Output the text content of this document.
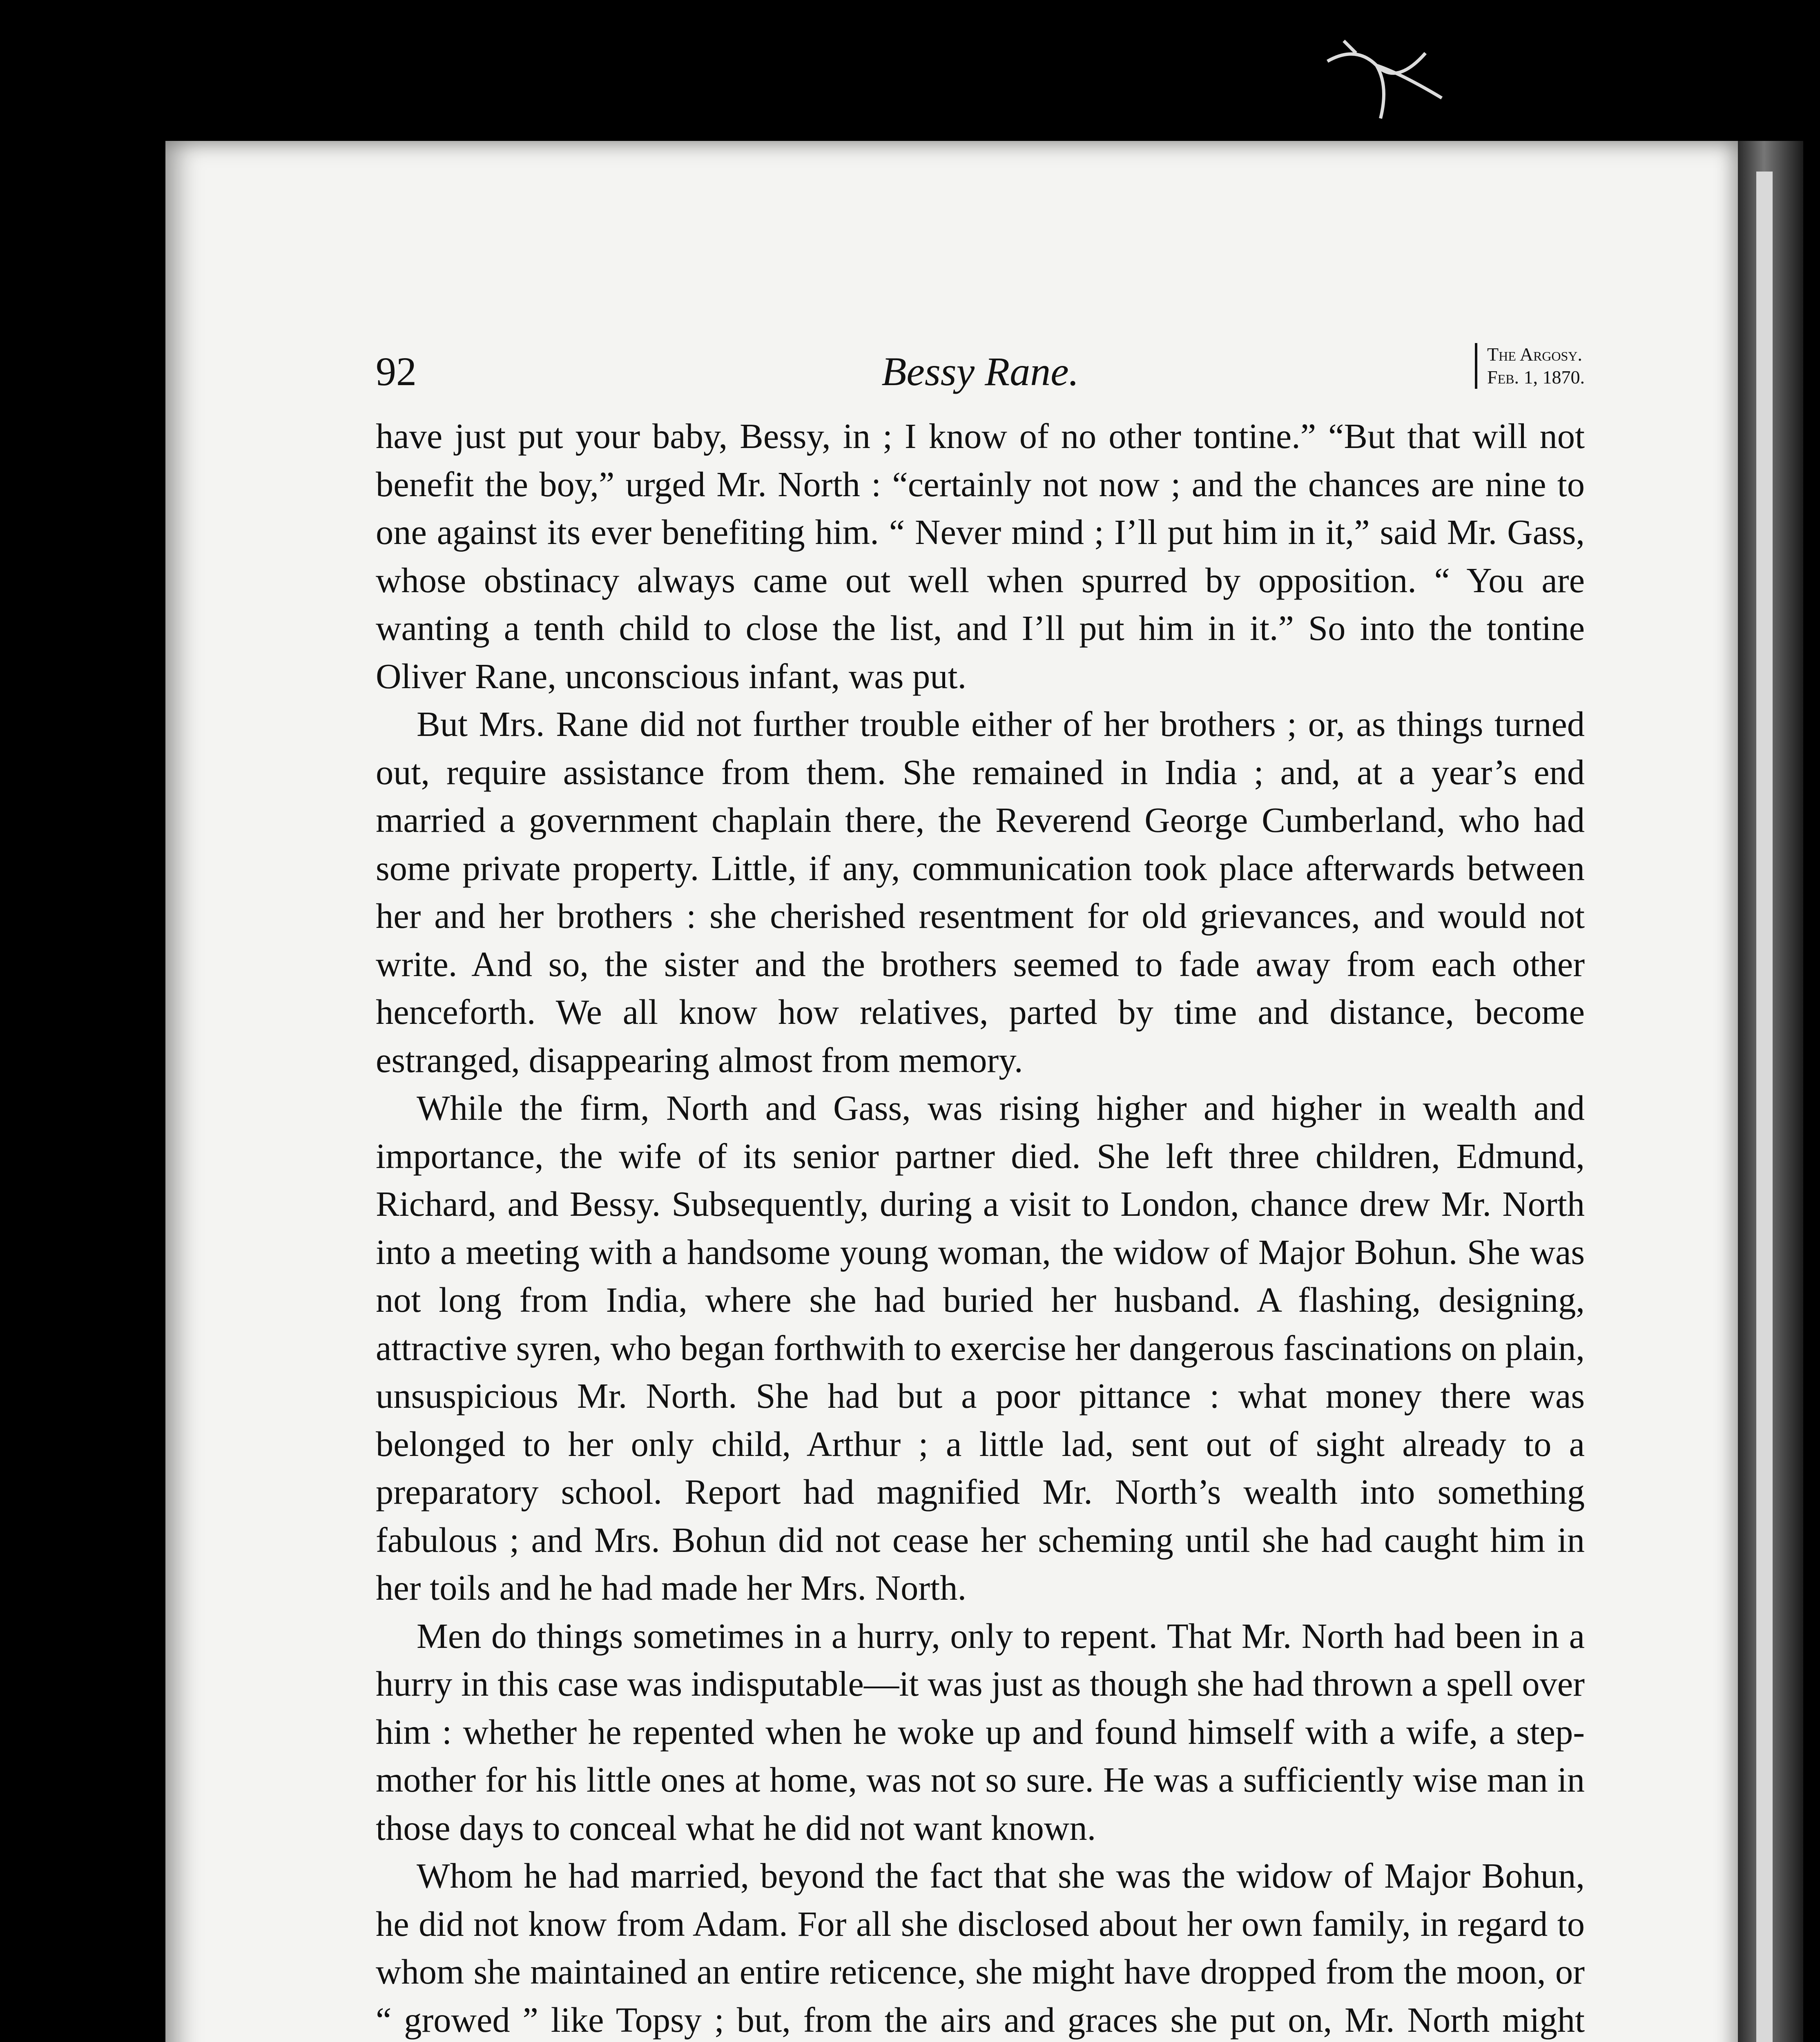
92	Bessy Rane.	The Argosy.
Feb. 1, 1870.

have just put your baby, Bessy, in ; I know of no other tontine.” “But that will not benefit the boy,” urged Mr. North : “certainly not now ; and the chances are nine to one against its ever benefiting him. “ Never mind ; I’ll put him in it,” said Mr. Gass, whose obstinacy always came out well when spurred by opposition. “ You are wanting a tenth child to close the list, and I’ll put him in it.” So into the tontine Oliver Rane, unconscious infant, was put.

But Mrs. Rane did not further trouble either of her brothers ; or, as things turned out, require assistance from them. She remained in India ; and, at a year’s end married a government chaplain there, the Reverend George Cumberland, who had some private property. Little, if any, communication took place afterwards between her and her brothers : she cherished resentment for old grievances, and would not write. And so, the sister and the brothers seemed to fade away from each other henceforth. We all know how relatives, parted by time and distance, become estranged, disappearing almost from memory.

While the firm, North and Gass, was rising higher and higher in wealth and importance, the wife of its senior partner died. She left three children, Edmund, Richard, and Bessy. Subsequently, during a visit to London, chance drew Mr. North into a meeting with a handsome young woman, the widow of Major Bohun. She was not long from India, where she had buried her husband. A flashing, designing, attractive syren, who began forthwith to exercise her dangerous fascinations on plain, unsuspicious Mr. North. She had but a poor pittance : what money there was belonged to her only child, Arthur ; a little lad, sent out of sight already to a preparatory school. Report had magnified Mr. North’s wealth into something fabulous ; and Mrs. Bohun did not cease her scheming until she had caught him in her toils and he had made her Mrs. North.

Men do things sometimes in a hurry, only to repent. That Mr. North had been in a hurry in this case was indisputable—it was just as though she had thrown a spell over him : whether he repented when he woke up and found himself with a wife, a step-mother for his little ones at home, was not so sure. He was a sufficiently wise man in those days to conceal what he did not want known.

Whom he had married, beyond the fact that she was the widow of Major Bohun, he did not know from Adam. For all she disclosed about her own family, in regard to whom she maintained an entire reticence, she might have dropped from the moon, or “ growed ” like Topsy ; but, from the airs and graces she put on, Mr. North might
